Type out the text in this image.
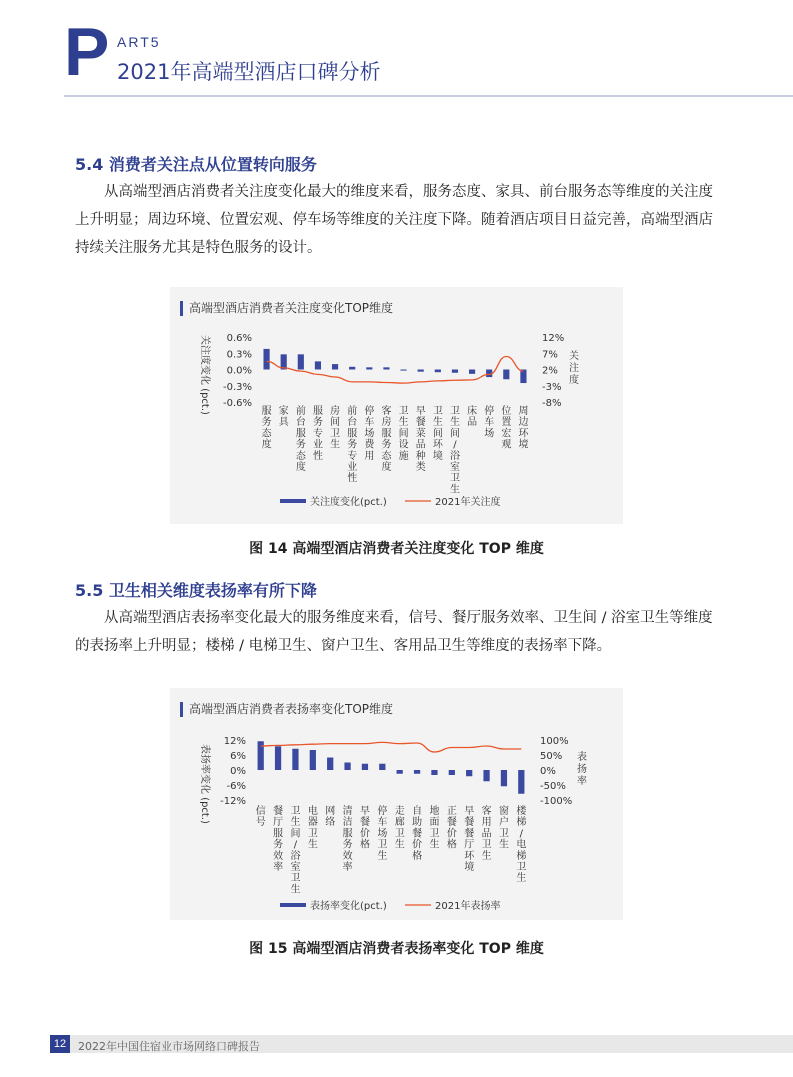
P ART5
2021年高端型酒店口碑分析
5.4 消费者关注点从位置转向服务

从高端型酒店消费者关注度变化最大的维度来看，服务态度、家具、前台服务态等维度的关注度上升明显；周边环境、位置宏观、停车场等维度的关注度下降。随着酒店项目日益完善，高端型酒店持续关注服务尤其是特色服务的设计。

高端型酒店消费者关注度变化TOP维度
0.6%
0.3%
0.0%
-0.3%
-0.6%
12%
7%
2%
-3%
-8%
关注度变化 (pct.)	关注度
服务态度
家具
前台服务态度
服务专业性
房间卫生
前台服务专业性
停车场费用
客房服务态度
卫生间设施
早餐菜品种类
卫生间环境
卫生间/浴室卫生
床品
停车场
位置宏观
周边环境
关注度变化(pct.)	2021年关注度
图 14 高端型酒店消费者关注度变化 TOP 维度
5.5 卫生相关维度表扬率有所下降

从高端型酒店表扬率变化最大的服务维度来看，信号、餐厅服务效率、卫生间 / 浴室卫生等维度的表扬率上升明显；楼梯 / 电梯卫生、窗户卫生、客用品卫生等维度的表扬率下降。

高端型酒店消费者表扬率变化TOP维度
12%
6%
0%
-6%
-12%
100%
50%
0%
-50%
-100%
表扬率变化 (pct.)	表扬率
信号
餐厅服务效率
卫生间/浴室卫生
电器卫生
网络
清洁服务效率
早餐价格
停车场卫生
走廊卫生
自助餐价格
地面卫生
正餐价格
早餐餐厅环境
客用品卫生
窗户卫生
楼梯/电梯卫生
表扬率变化(pct.)	2021年表扬率
图 15 高端型酒店消费者表扬率变化 TOP 维度
12	2022年中国住宿业市场网络口碑报告
